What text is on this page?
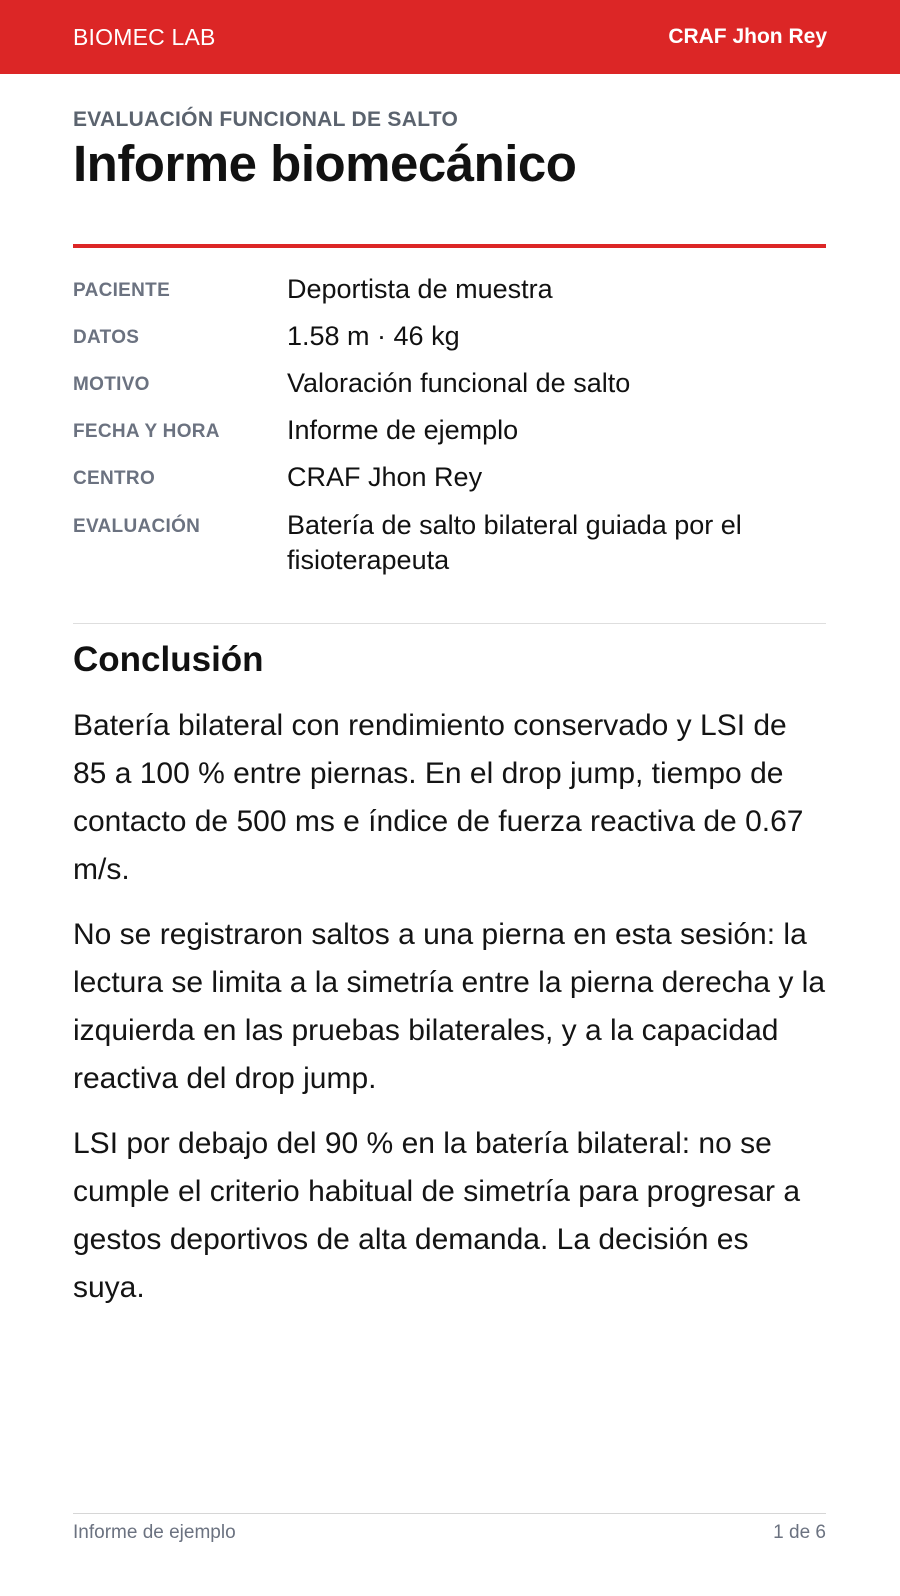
BIOMEC LAB	CRAF Jhon Rey
EVALUACIÓN FUNCIONAL DE SALTO
Informe biomecánico
PACIENTE	Deportista de muestra
DATOS	1.58 m · 46 kg
MOTIVO	Valoración funcional de salto
FECHA Y HORA	Informe de ejemplo
CENTRO	CRAF Jhon Rey
EVALUACIÓN	Batería de salto bilateral guiada por el fisioterapeuta
Conclusión

Batería bilateral con rendimiento conservado y LSI de 85 a 100 % entre piernas. En el drop jump, tiempo de contacto de 500 ms e índice de fuerza reactiva de 0.67 m/s.

No se registraron saltos a una pierna en esta sesión: la lectura se limita a la simetría entre la pierna derecha y la izquierda en las pruebas bilaterales, y a la capacidad reactiva del drop jump.

LSI por debajo del 90 % en la batería bilateral: no se cumple el criterio habitual de simetría para progresar a gestos deportivos de alta demanda. La decisión es suya.

Informe de ejemplo	1 de 6
